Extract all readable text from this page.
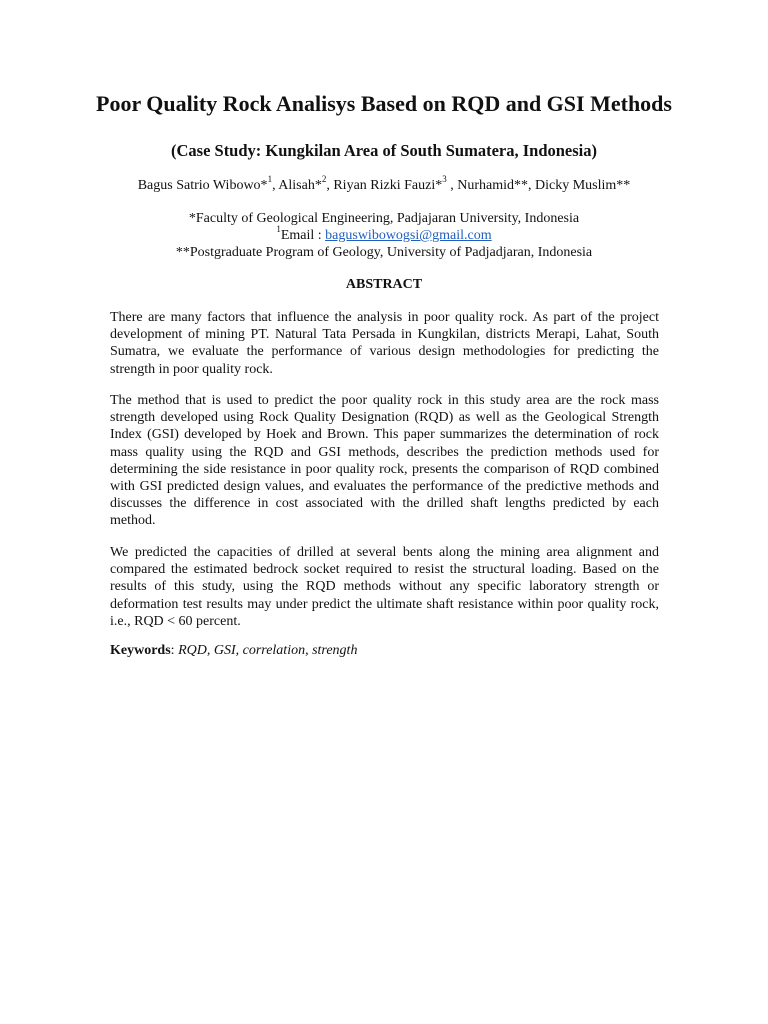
Poor Quality Rock Analisys Based on RQD and GSI Methods
(Case Study: Kungkilan Area of South Sumatera, Indonesia)
Bagus Satrio Wibowo*$^1$, Alisah*$^2$, Riyan Rizki Fauzi*$^3$ , Nurhamid**, Dicky Muslim**
*Faculty of Geological Engineering, Padjajaran University, Indonesia
$^1$Email : baguswibowogsi@gmail.com
**Postgraduate Program of Geology, University of Padjadjaran, Indonesia
ABSTRACT
There are many factors that influence the analysis in poor quality rock. As part of the project development of mining PT. Natural Tata Persada in Kungkilan, districts Merapi, Lahat, South Sumatra, we evaluate the performance of various design methodologies for predicting the strength in poor quality rock.
The method that is used to predict the poor quality rock in this study area are the rock mass strength developed using Rock Quality Designation (RQD) as well as the Geological Strength Index (GSI) developed by Hoek and Brown. This paper summarizes the determination of rock mass quality using the RQD and GSI methods, describes the prediction methods used for determining the side resistance in poor quality rock, presents the comparison of RQD combined with GSI predicted design values, and evaluates the performance of the predictive methods and discusses the difference in cost associated with the drilled shaft lengths predicted by each method.
We predicted the capacities of drilled at several bents along the mining area alignment and compared the estimated bedrock socket required to resist the structural loading. Based on the results of this study, using the RQD methods without any specific laboratory strength or deformation test results may under predict the ultimate shaft resistance within poor quality rock, i.e., RQD < 60 percent.
Keywords: RQD, GSI, correlation, strength
